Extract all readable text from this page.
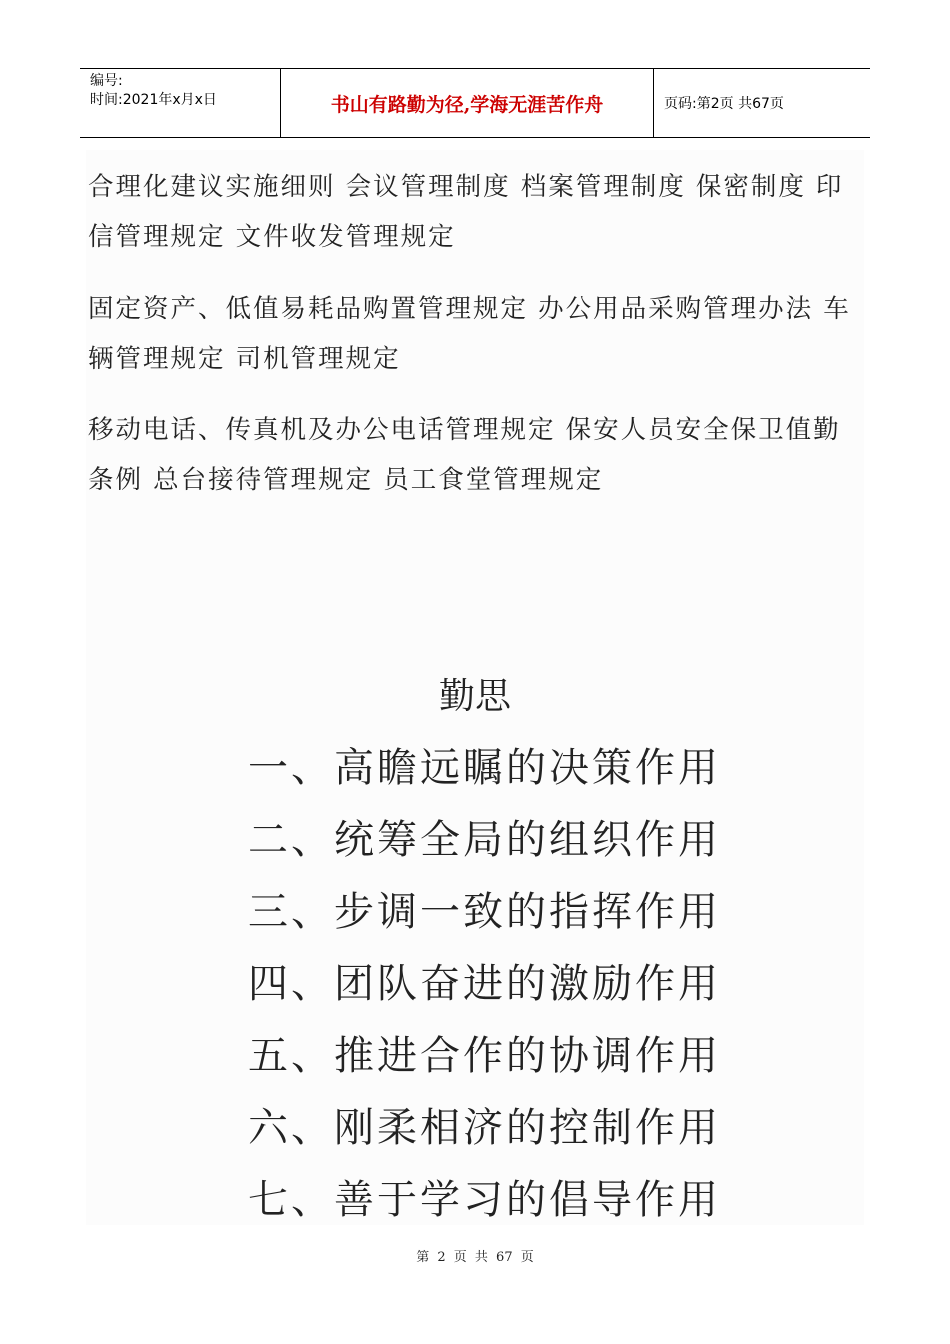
编号:
时间:2021年x月x日	书山有路勤为径,学海无涯苦作舟	页码:第2页 共67页

合理化建议实施细则 会议管理制度 档案管理制度 保密制度 印信管理规定 文件收发管理规定

固定资产、低值易耗品购置管理规定 办公用品采购管理办法 车辆管理规定 司机管理规定

移动电话、传真机及办公电话管理规定 保安人员安全保卫值勤条例 总台接待管理规定 员工食堂管理规定

勤思

一、高瞻远瞩的决策作用

二、统筹全局的组织作用

三、步调一致的指挥作用

四、团队奋进的激励作用

五、推进合作的协调作用

六、刚柔相济的控制作用

七、善于学习的倡导作用

第 2 页 共 67 页
